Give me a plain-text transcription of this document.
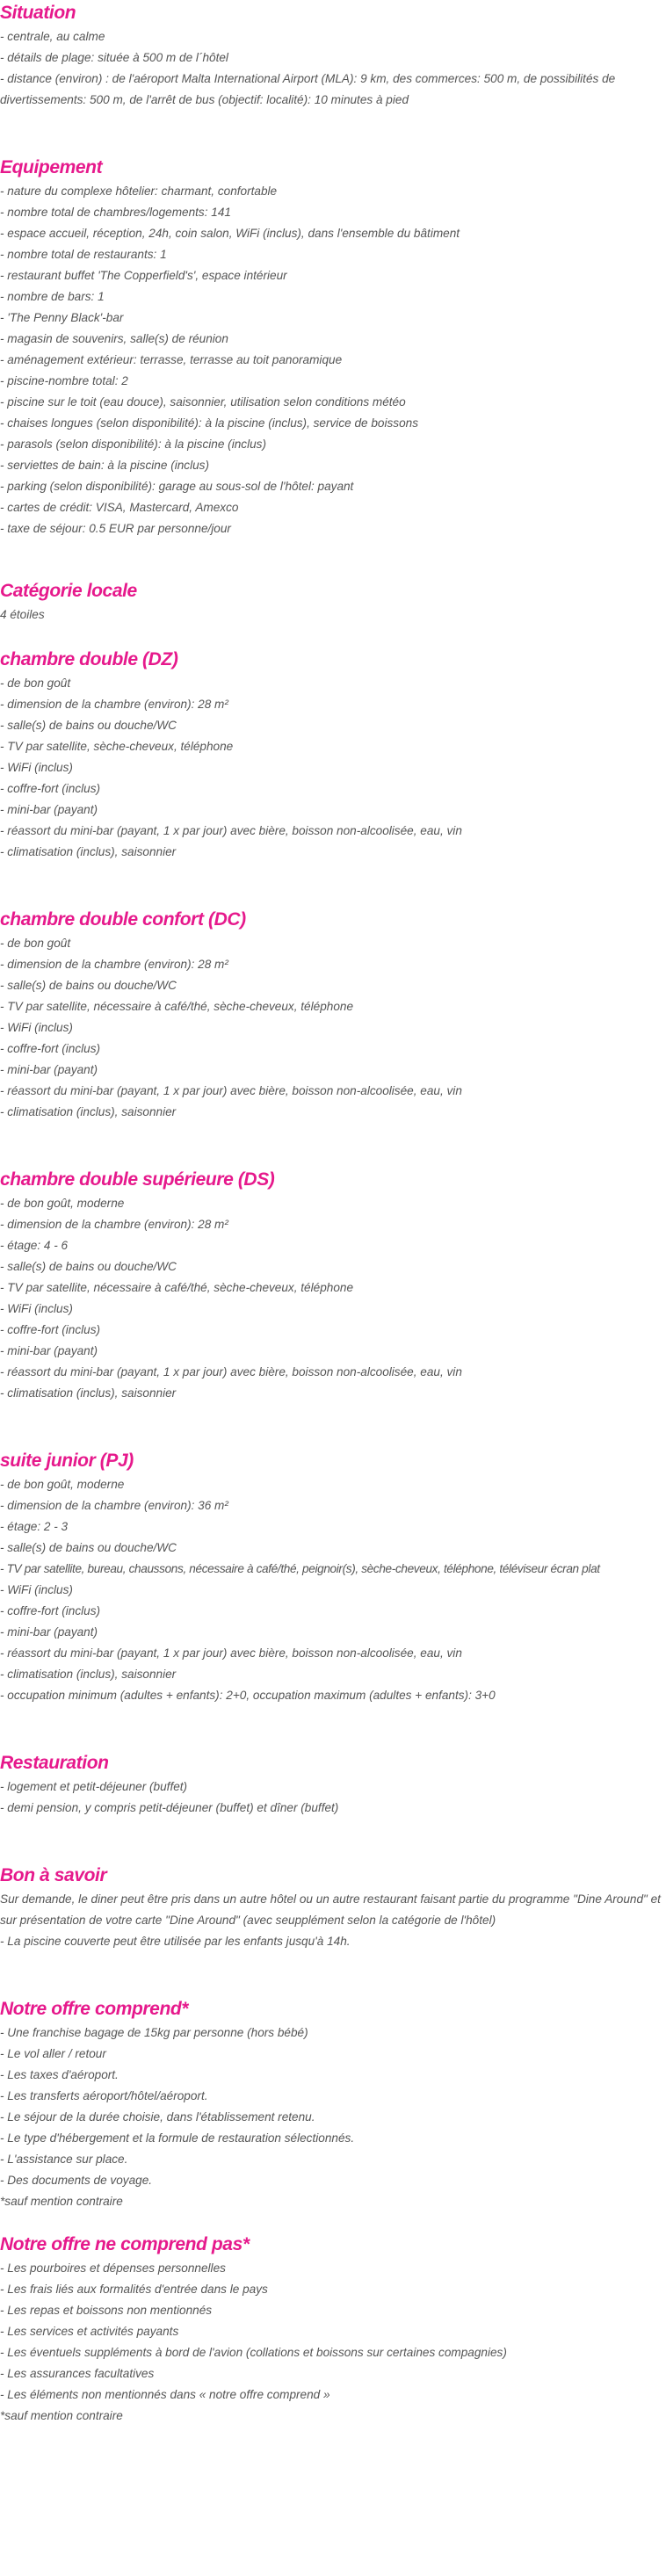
Situation
- centrale, au calme
- détails de plage: située à 500 m de l´hôtel
- distance (environ) : de l'aéroport Malta International Airport (MLA): 9 km, des commerces: 500 m, de possibilités de divertissements: 500 m, de l'arrêt de bus (objectif: localité): 10 minutes à pied
Equipement
- nature du complexe hôtelier: charmant, confortable
- nombre total de chambres/logements: 141
- espace accueil, réception, 24h, coin salon, WiFi (inclus), dans l'ensemble du bâtiment
- nombre total de restaurants: 1
- restaurant buffet 'The Copperfield's', espace intérieur
- nombre de bars: 1
- 'The Penny Black'-bar
- magasin de souvenirs, salle(s) de réunion
- aménagement extérieur: terrasse, terrasse au toit panoramique
- piscine-nombre total: 2
- piscine sur le toit (eau douce), saisonnier, utilisation selon conditions météo
- chaises longues (selon disponibilité): à la piscine (inclus), service de boissons
- parasols (selon disponibilité): à la piscine (inclus)
- serviettes de bain: à la piscine (inclus)
- parking (selon disponibilité): garage au sous-sol de l'hôtel: payant
- cartes de crédit: VISA, Mastercard, Amexco
- taxe de séjour: 0.5 EUR par personne/jour
Catégorie locale
4 étoiles
chambre double (DZ)
- de bon goût
- dimension de la chambre (environ): 28 m²
- salle(s) de bains ou douche/WC
- TV par satellite, sèche-cheveux, téléphone
- WiFi (inclus)
- coffre-fort (inclus)
- mini-bar (payant)
- réassort du mini-bar (payant, 1 x par jour) avec bière, boisson non-alcoolisée, eau, vin
- climatisation (inclus), saisonnier
chambre double confort (DC)
- de bon goût
- dimension de la chambre (environ): 28 m²
- salle(s) de bains ou douche/WC
- TV par satellite, nécessaire à café/thé, sèche-cheveux, téléphone
- WiFi (inclus)
- coffre-fort (inclus)
- mini-bar (payant)
- réassort du mini-bar (payant, 1 x par jour) avec bière, boisson non-alcoolisée, eau, vin
- climatisation (inclus), saisonnier
chambre double supérieure (DS)
- de bon goût, moderne
- dimension de la chambre (environ): 28 m²
- étage: 4 - 6
- salle(s) de bains ou douche/WC
- TV par satellite, nécessaire à café/thé, sèche-cheveux, téléphone
- WiFi (inclus)
- coffre-fort (inclus)
- mini-bar (payant)
- réassort du mini-bar (payant, 1 x par jour) avec bière, boisson non-alcoolisée, eau, vin
- climatisation (inclus), saisonnier
suite junior (PJ)
- de bon goût, moderne
- dimension de la chambre (environ): 36 m²
- étage: 2 - 3
- salle(s) de bains ou douche/WC
- TV par satellite, bureau, chaussons, nécessaire à café/thé, peignoir(s), sèche-cheveux, téléphone, téléviseur écran plat
- WiFi (inclus)
- coffre-fort (inclus)
- mini-bar (payant)
- réassort du mini-bar (payant, 1 x par jour) avec bière, boisson non-alcoolisée, eau, vin
- climatisation (inclus), saisonnier
- occupation minimum (adultes + enfants): 2+0, occupation maximum (adultes + enfants): 3+0
Restauration
- logement et petit-déjeuner (buffet)
- demi pension, y compris petit-déjeuner (buffet) et dîner (buffet)
Bon à savoir
Sur demande, le diner peut être pris dans un autre hôtel ou un autre restaurant faisant partie du programme "Dine Around" et sur présentation de votre carte "Dine Around" (avec seupplément selon la catégorie de l'hôtel)
- La piscine couverte peut être utilisée par les enfants jusqu'à 14h.
Notre offre comprend*
- Une franchise bagage de 15kg par personne (hors bébé)
- Le vol aller / retour
- Les taxes d'aéroport.
- Les transferts aéroport/hôtel/aéroport.
- Le séjour de la durée choisie, dans l'établissement retenu.
- Le type d'hébergement et la formule de restauration sélectionnés.
- L'assistance sur place.
- Des documents de voyage.
*sauf mention contraire
Notre offre ne comprend pas*
- Les pourboires et dépenses personnelles
- Les frais liés aux formalités d'entrée dans le pays
- Les repas et boissons non mentionnés
- Les services et activités payants
- Les éventuels suppléments à bord de l'avion (collations et boissons sur certaines compagnies)
- Les assurances facultatives
- Les éléments non mentionnés dans « notre offre comprend »
*sauf mention contraire
